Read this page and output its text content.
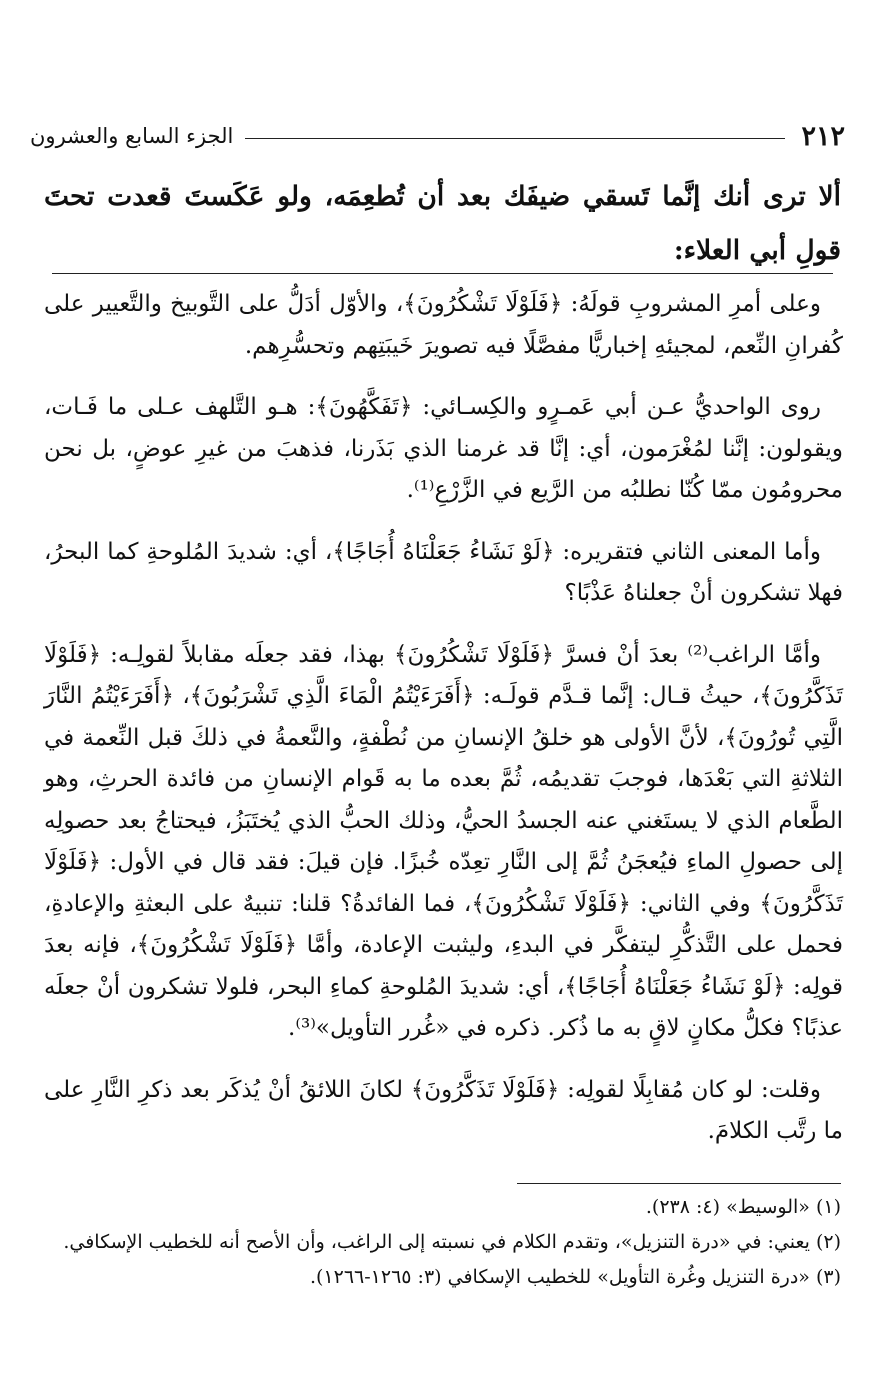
٢١٢
الجزء السابع والعشرون
ألا ترى أنك إنَّما تَسقي ضيفَك بعد أن تُطعِمَه، ولو عَكَستَ قعدت تحتَ قولِ أبي العلاء:

وعلى أمرِ المشروبِ قولَهُ: ﴿فَلَوْلَا تَشْكُرُونَ﴾، والأوّل أدَلُّ على التَّوبيخ والتَّعيير على كُفرانِ النِّعم، لمجيئهِ إخباريًّا مفصَّلًا فيه تصويرَ خَيبَتِهم وتحسُّرِهم.

روى الواحديُّ عـن أبي عَمـرٍو والكِسـائي: ﴿تَفَكَّهُونَ﴾: هـو التَّلهف عـلى ما فَـات، ويقولون: إنَّنا لمُغْرَمون، أي: إنَّا قد غرمنا الذي بَذَرنا، فذهبَ من غيرِ عوضٍ، بل نحن محرومُون ممّا كُنّا نطلبُه من الرَّيع في الزَّرْعِ⁽¹⁾.

وأما المعنى الثاني فتقريره: ﴿لَوْ نَشَاءُ جَعَلْنَاهُ أُجَاجًا﴾، أي: شديدَ المُلوحةِ كما البحرُ، فهلا تشكرون أنْ جعلناهُ عَذْبًا؟

وأمَّا الراغب⁽²⁾ بعدَ أنْ فسرَّ ﴿فَلَوْلَا تَشْكُرُونَ﴾ بهذا، فقد جعلَه مقابلاً لقولِـه: ﴿فَلَوْلَا تَذَكَّرُونَ﴾، حيثُ قـال: إنَّما قـدَّم قولَـه: ﴿أَفَرَءَيْتُمُ الْمَاءَ الَّذِي تَشْرَبُونَ﴾، ﴿أَفَرَءَيْتُمُ النَّارَ الَّتِي تُورُونَ﴾، لأنَّ الأولى هو خلقُ الإنسانِ من نُطْفةٍ، والنَّعمةُ في ذلكَ قبل النِّعمة في الثلاثةِ التي بَعْدَها، فوجبَ تقديمُه، ثُمَّ بعده ما به قَوام الإنسانِ من فائدة الحرثِ، وهو الطَّعام الذي لا يستَغني عنه الجسدُ الحيُّ، وذلك الحبُّ الذي يُختَبَزُ، فيحتاجُ بعد حصولِه إلى حصولِ الماءِ فيُعجَنُ ثُمَّ إلى النَّارِ تعِدّه خُبزًا. فإن قيلَ: فقد قال في الأول: ﴿فَلَوْلَا تَذَكَّرُونَ﴾ وفي الثاني: ﴿فَلَوْلَا تَشْكُرُونَ﴾، فما الفائدةُ؟ قلنا: تنبيهٌ على البعثةِ والإعادةِ، فحمل على التَّذكُّرِ ليتفكَّر في البدءِ، وليثبت الإعادة، وأمَّا ﴿فَلَوْلَا تَشْكُرُونَ﴾، فإنه بعدَ قولِه: ﴿لَوْ نَشَاءُ جَعَلْنَاهُ أُجَاجًا﴾، أي: شديدَ المُلوحةِ كماءِ البحر، فلولا تشكرون أنْ جعلَه عذبًا؟ فكلُّ مكانٍ لاقٍ به ما ذُكر. ذكره في «غُرر التأويل»⁽³⁾.

وقلت: لو كان مُقابِلًا لقولِه: ﴿فَلَوْلَا تَذَكَّرُونَ﴾ لكانَ اللائقُ أنْ يُذكَر بعد ذكرِ النَّارِ على ما رتَّب الكلامَ.

(١) «الوسيط» (٤: ٢٣٨).

(٢) يعني: في «درة التنزيل»، وتقدم الكلام في نسبته إلى الراغب، وأن الأصح أنه للخطيب الإسكافي.

(٣) «درة التنزيل وغُرة التأويل» للخطيب الإسكافي (٣: ١٢٦٥-١٢٦٦).
